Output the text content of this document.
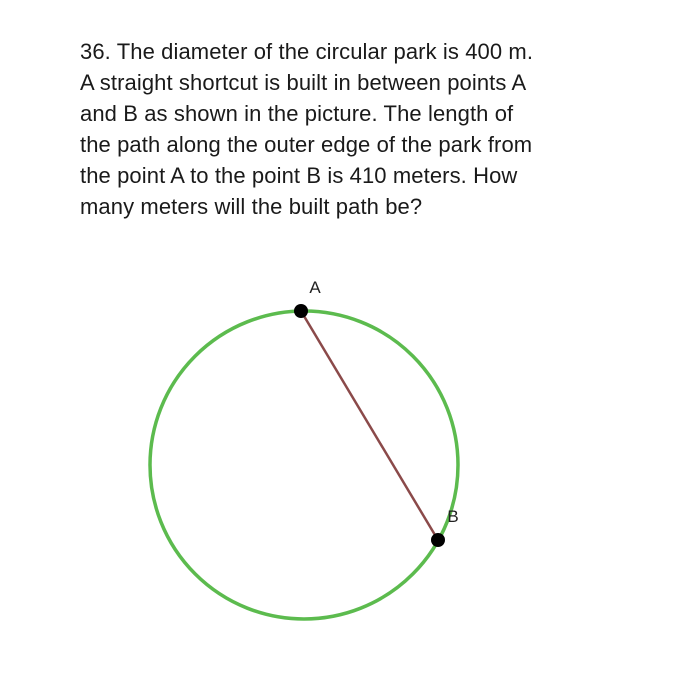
36. The diameter of the circular park is 400 m.
A straight shortcut is built in between points A
and B as shown in the picture. The length of
the path along the outer edge of the park from
the point A to the point B is 410 meters. How
many meters will the built path be?
A
B
